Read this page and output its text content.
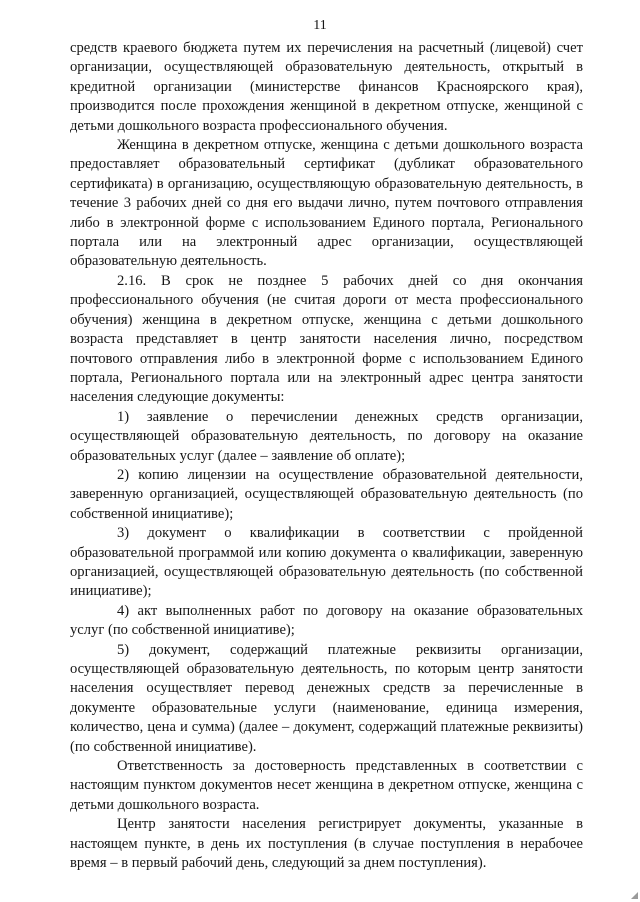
11

средств краевого бюджета путем их перечисления на расчетный (лицевой) счет организации, осуществляющей образовательную деятельность, открытый в кредитной организации (министерстве финансов Красноярского края), производится после прохождения женщиной в декретном отпуске, женщиной с детьми дошкольного возраста профессионального обучения.

Женщина в декретном отпуске, женщина с детьми дошкольного возраста предоставляет образовательный сертификат (дубликат образовательного сертификата) в организацию, осуществляющую образовательную деятельность, в течение 3 рабочих дней со дня его выдачи лично, путем почтового отправления либо в электронной форме с использованием Единого портала, Регионального портала или на электронный адрес организации, осуществляющей образовательную деятельность.

2.16. В срок не позднее 5 рабочих дней со дня окончания профессионального обучения (не считая дороги от места профессионального обучения) женщина в декретном отпуске, женщина с детьми дошкольного возраста представляет в центр занятости населения лично, посредством почтового отправления либо в электронной форме с использованием Единого портала, Регионального портала или на электронный адрес центра занятости населения следующие документы:

1) заявление о перечислении денежных средств организации, осуществляющей образовательную деятельность, по договору на оказание образовательных услуг (далее – заявление об оплате);

2) копию лицензии на осуществление образовательной деятельности, заверенную организацией, осуществляющей образовательную деятельность (по собственной инициативе);

3) документ о квалификации в соответствии с пройденной образовательной программой или копию документа о квалификации, заверенную организацией, осуществляющей образовательную деятельность (по собственной инициативе);

4) акт выполненных работ по договору на оказание образовательных услуг (по собственной инициативе);

5) документ, содержащий платежные реквизиты организации, осуществляющей образовательную деятельность, по которым центр занятости населения осуществляет перевод денежных средств за перечисленные в документе образовательные услуги (наименование, единица измерения, количество, цена и сумма) (далее – документ, содержащий платежные реквизиты) (по собственной инициативе).

Ответственность за достоверность представленных в соответствии с настоящим пунктом документов несет женщина в декретном отпуске, женщина с детьми дошкольного возраста.

Центр занятости населения регистрирует документы, указанные в настоящем пункте, в день их поступления (в случае поступления в нерабочее время – в первый рабочий день, следующий за днем поступления).
